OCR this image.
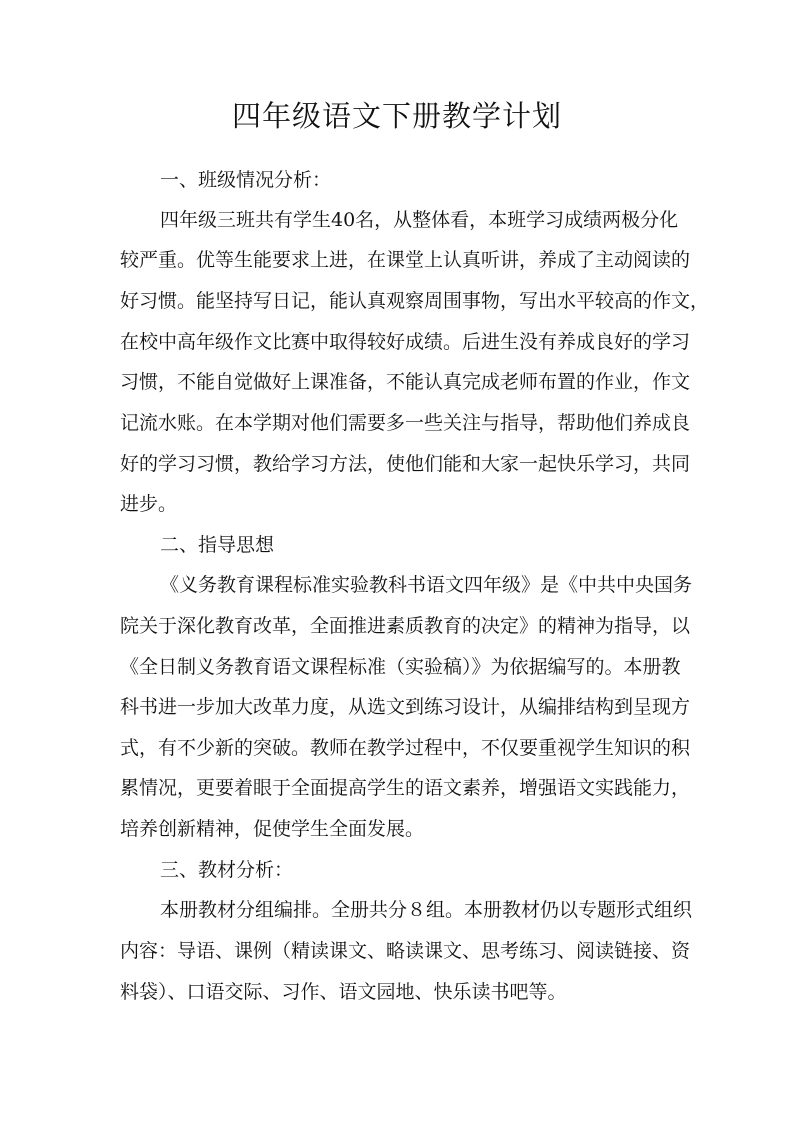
四年级语文下册教学计划
一、班级情况分析：
四年级三班共有学生40名，从整体看，本班学习成绩两极分化
较严重。优等生能要求上进，在课堂上认真听讲，养成了主动阅读的
好习惯。能坚持写日记，能认真观察周围事物，写出水平较高的作文，
在校中高年级作文比赛中取得较好成绩。后进生没有养成良好的学习
习惯，不能自觉做好上课准备，不能认真完成老师布置的作业，作文
记流水账。在本学期对他们需要多一些关注与指导，帮助他们养成良
好的学习习惯，教给学习方法，使他们能和大家一起快乐学习，共同
进步。
二、指导思想
《义务教育课程标准实验教科书语文四年级》是《中共中央国务
院关于深化教育改革，全面推进素质教育的决定》的精神为指导，以
《全日制义务教育语文课程标准（实验稿）》为依据编写的。本册教
科书进一步加大改革力度，从选文到练习设计，从编排结构到呈现方
式，有不少新的突破。教师在教学过程中，不仅要重视学生知识的积
累情况，更要着眼于全面提高学生的语文素养，增强语文实践能力，
培养创新精神，促使学生全面发展。
三、教材分析：
本册教材分组编排。全册共分８组。本册教材仍以专题形式组织
内容：导语、课例（精读课文、略读课文、思考练习、阅读链接、资
料袋）、口语交际、习作、语文园地、快乐读书吧等。
